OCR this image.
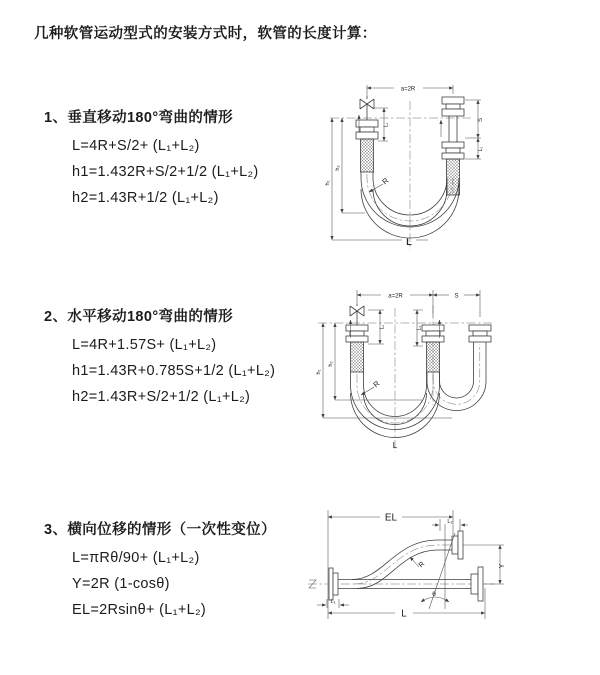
几种软管运动型式的安装方式时，软管的长度计算：
1、垂直移动180°弯曲的情形
L=4R+S/2+ (L₁+L₂)
h1=1.432R+S/2+1/2 (L₁+L₂)
h2=1.43R+1/2 (L₁+L₂)
2、水平移动180°弯曲的情形
L=4R+1.57S+ (L₁+L₂)
h1=1.43R+0.785S+1/2 (L₁+L₂)
h2=1.43R+S/2+1/2 (L₁+L₂)
3、横向位移的情形（一次性变位）
L=πRθ/90+ (L₁+L₂)
Y=2R (1-cosθ)
EL=2Rsinθ+ (L₁+L₂)
a=2R
h₁
h₂
S
L₂
L₁
R
L
a=2R	S
h₁
h₂
L₁	L₂
R
L
EL	L₂
Y
θ
R
L
L₁
